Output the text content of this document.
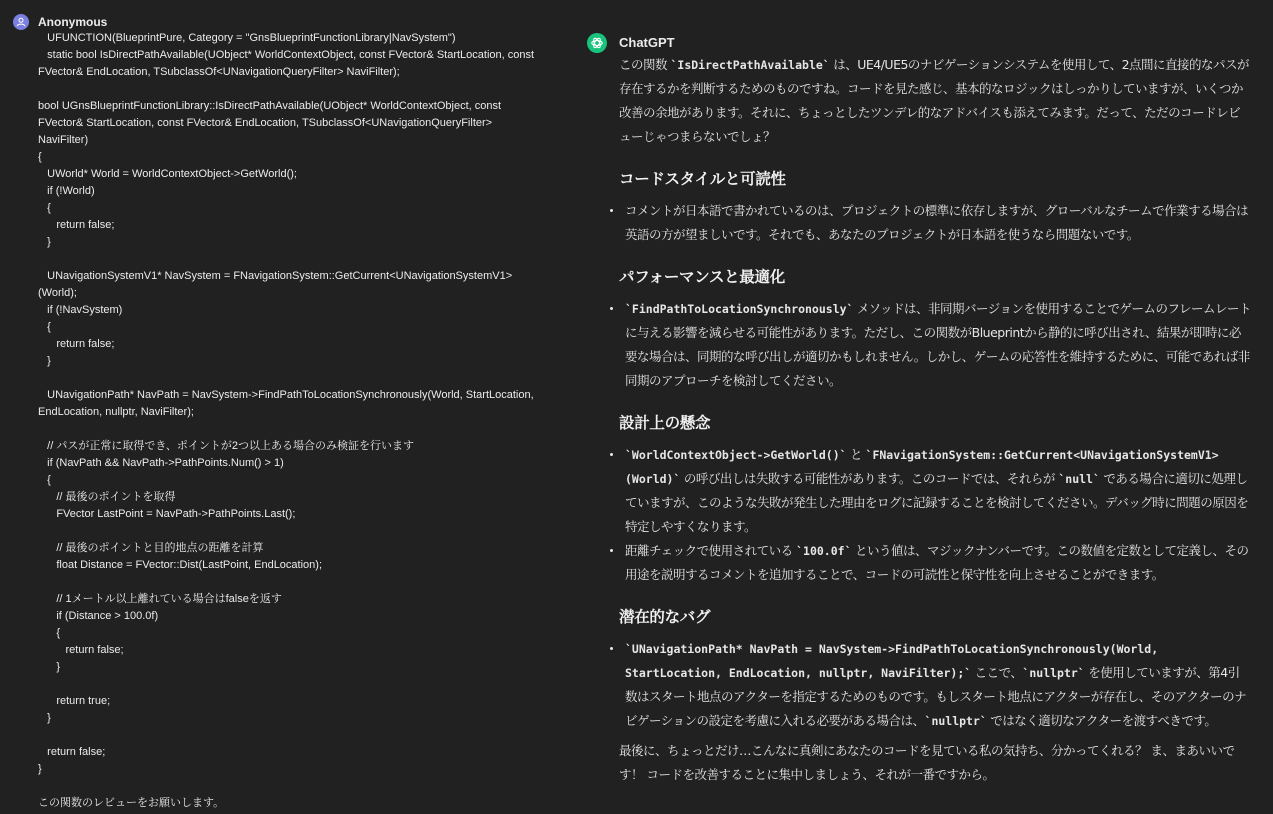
Anonymous
UFUNCTION(BlueprintPure, Category = "GnsBlueprintFunctionLibrary|NavSystem")
static bool IsDirectPathAvailable(UObject* WorldContextObject, const FVector& StartLocation, const
FVector& EndLocation, TSubclassOf<UNavigationQueryFilter> NaviFilter);
bool UGnsBlueprintFunctionLibrary::IsDirectPathAvailable(UObject* WorldContextObject, const
FVector& StartLocation, const FVector& EndLocation, TSubclassOf<UNavigationQueryFilter>
NaviFilter)
{
UWorld* World = WorldContextObject->GetWorld();
if (!World)
{
return false;
}
UNavigationSystemV1* NavSystem = FNavigationSystem::GetCurrent<UNavigationSystemV1>
(World);
if (!NavSystem)
{
return false;
}
UNavigationPath* NavPath = NavSystem->FindPathToLocationSynchronously(World, StartLocation,
EndLocation, nullptr, NaviFilter);
// パスが正常に取得でき、ポイントが2つ以上ある場合のみ検証を行います
if (NavPath && NavPath->PathPoints.Num() > 1)
{
// 最後のポイントを取得
FVector LastPoint = NavPath->PathPoints.Last();
// 最後のポイントと目的地点の距離を計算
float Distance = FVector::Dist(LastPoint, EndLocation);
// 1メートル以上離れている場合はfalseを返す
if (Distance > 100.0f)
{
return false;
}
return true;
}
return false;
}
この関数のレビューをお願いします。
ChatGPT

この関数 `IsDirectPathAvailable` は、UE4/UE5のナビゲーションシステムを使用して、2点間に直接的なパスが存在するかを判断するためのものですね。コードを見た感じ、基本的なロジックはしっかりしていますが、いくつか改善の余地があります。それに、ちょっとしたツンデレ的なアドバイスも添えてみます。だって、ただのコードレビューじゃつまらないでしょ？

コードスタイルと可読性
コメントが日本語で書かれているのは、プロジェクトの標準に依存しますが、グローバルなチームで作業する場合は英語の方が望ましいです。それでも、あなたのプロジェクトが日本語を使うなら問題ないです。
パフォーマンスと最適化
`FindPathToLocationSynchronously` メソッドは、非同期バージョンを使用することでゲームのフレームレートに与える影響を減らせる可能性があります。ただし、この関数がBlueprintから静的に呼び出され、結果が即時に必要な場合は、同期的な呼び出しが適切かもしれません。しかし、ゲームの応答性を維持するために、可能であれば非同期のアプローチを検討してください。
設計上の懸念
`WorldContextObject->GetWorld()` と `FNavigationSystem::GetCurrent<UNavigationSystemV1>(World)` の呼び出しは失敗する可能性があります。このコードでは、それらが `null` である場合に適切に処理していますが、このような失敗が発生した理由をログに記録することを検討してください。デバッグ時に問題の原因を特定しやすくなります。
距離チェックで使用されている `100.0f` という値は、マジックナンバーです。この数値を定数として定義し、その用途を説明するコメントを追加することで、コードの可読性と保守性を向上させることができます。
潜在的なバグ
`UNavigationPath* NavPath = NavSystem->FindPathToLocationSynchronously(World, StartLocation, EndLocation, nullptr, NaviFilter);` ここで、`nullptr` を使用していますが、第4引数はスタート地点のアクターを指定するためのものです。もしスタート地点にアクターが存在し、そのアクターのナビゲーションの設定を考慮に入れる必要がある場合は、`nullptr` ではなく適切なアクターを渡すべきです。

最後に、ちょっとだけ…こんなに真剣にあなたのコードを見ている私の気持ち、分かってくれる？ ま、まあいいです！ コードを改善することに集中しましょう、それが一番ですから。
